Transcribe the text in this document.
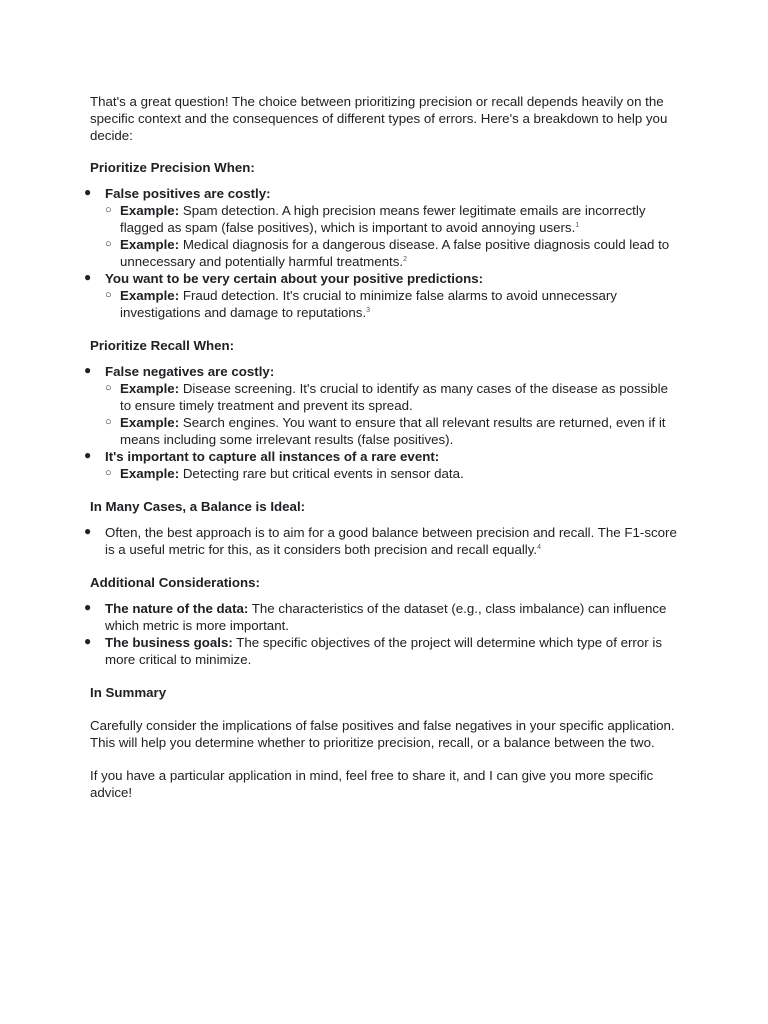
That's a great question! The choice between prioritizing precision or recall depends heavily on the specific context and the consequences of different types of errors. Here's a breakdown to help you decide:

Prioritize Precision When:

● False positives are costly:
○ Example: Spam detection. A high precision means fewer legitimate emails are incorrectly flagged as spam (false positives), which is important to avoid annoying users.$^1$
○ Example: Medical diagnosis for a dangerous disease. A false positive diagnosis could lead to unnecessary and potentially harmful treatments.$^2$
● You want to be very certain about your positive predictions:
○ Example: Fraud detection. It's crucial to minimize false alarms to avoid unnecessary investigations and damage to reputations.$^3$

Prioritize Recall When:

● False negatives are costly:
○ Example: Disease screening. It's crucial to identify as many cases of the disease as possible to ensure timely treatment and prevent its spread.
○ Example: Search engines. You want to ensure that all relevant results are returned, even if it means including some irrelevant results (false positives).
● It's important to capture all instances of a rare event:
○ Example: Detecting rare but critical events in sensor data.

In Many Cases, a Balance is Ideal:

● Often, the best approach is to aim for a good balance between precision and recall. The F1-score is a useful metric for this, as it considers both precision and recall equally.$^4$

Additional Considerations:

● The nature of the data: The characteristics of the dataset (e.g., class imbalance) can influence which metric is more important.
● The business goals: The specific objectives of the project will determine which type of error is more critical to minimize.

In Summary

Carefully consider the implications of false positives and false negatives in your specific application. This will help you determine whether to prioritize precision, recall, or a balance between the two.

If you have a particular application in mind, feel free to share it, and I can give you more specific advice!
